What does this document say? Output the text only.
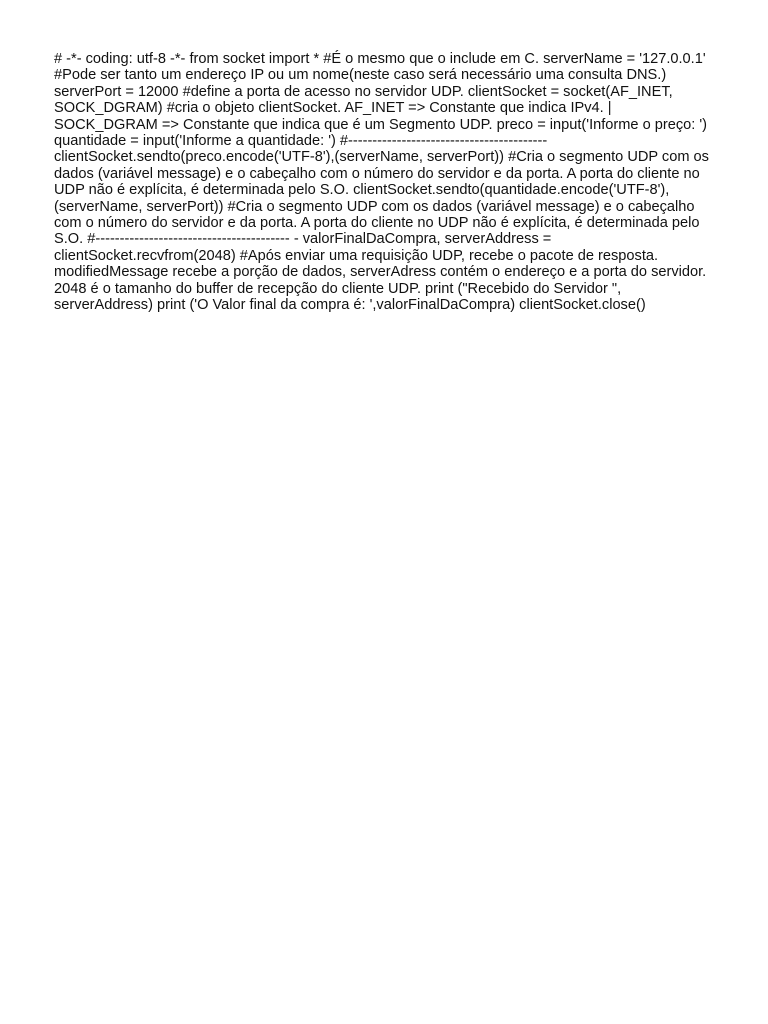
# -*- coding: utf-8 -*- from socket import * #É o mesmo que o include em C. serverName = '127.0.0.1' #Pode ser tanto um endereço IP ou um nome(neste caso será necessário uma consulta DNS.) serverPort = 12000 #define a porta de acesso no servidor UDP. clientSocket = socket(AF_INET, SOCK_DGRAM) #cria o objeto clientSocket. AF_INET => Constante que indica IPv4. | SOCK_DGRAM => Constante que indica que é um Segmento UDP. preco = input('Informe o preço: ') quantidade = input('Informe a quantidade: ') #----------------------------------------- clientSocket.sendto(preco.encode('UTF-8'),(serverName, serverPort)) #Cria o segmento UDP com os dados (variável message) e o cabeçalho com o número do servidor e da porta. A porta do cliente no UDP não é explícita, é determinada pelo S.O. clientSocket.sendto(quantidade.encode('UTF-8'),(serverName, serverPort)) #Cria o segmento UDP com os dados (variável message) e o cabeçalho com o número do servidor e da porta. A porta do cliente no UDP não é explícita, é determinada pelo S.O. #---------------------------------------- - valorFinalDaCompra, serverAddress = clientSocket.recvfrom(2048) #Após enviar uma requisição UDP, recebe o pacote de resposta. modifiedMessage recebe a porção de dados, serverAdress contém o endereço e a porta do servidor. 2048 é o tamanho do buffer de recepção do cliente UDP. print ("Recebido do Servidor ", serverAddress) print ('O Valor final da compra é: ',valorFinalDaCompra) clientSocket.close()
